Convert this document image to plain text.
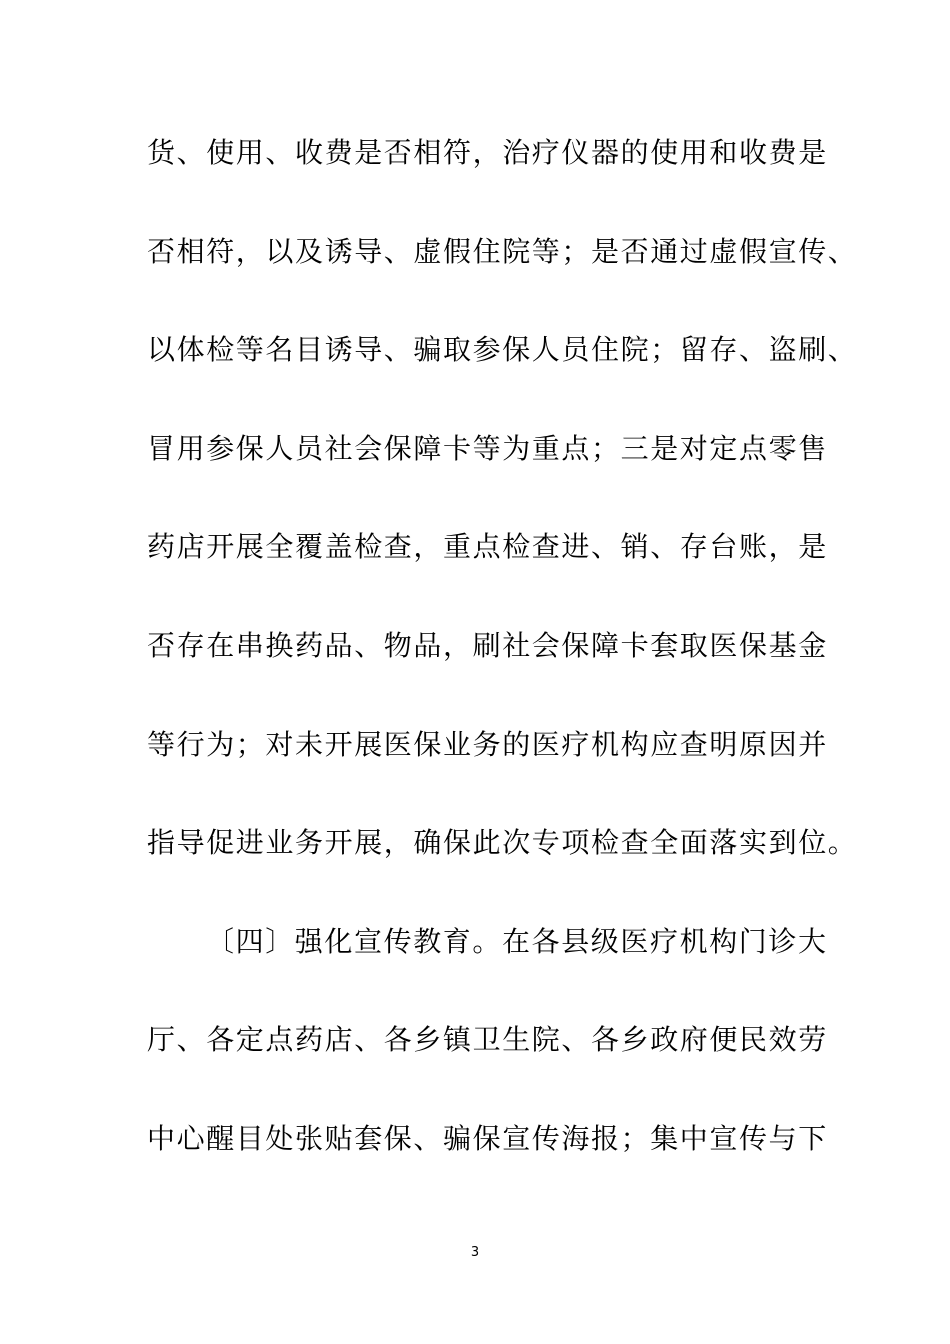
货、使用、收费是否相符，治疗仪器的使用和收费是
否相符，以及诱导、虚假住院等；是否通过虚假宣传、
以体检等名目诱导、骗取参保人员住院；留存、盗刷、
冒用参保人员社会保障卡等为重点；三是对定点零售
药店开展全覆盖检查，重点检查进、销、存台账，是
否存在串换药品、物品，刷社会保障卡套取医保基金
等行为；对未开展医保业务的医疗机构应查明原因并
指导促进业务开展，确保此次专项检查全面落实到位。
〔四〕强化宣传教育。在各县级医疗机构门诊大
厅、各定点药店、各乡镇卫生院、各乡政府便民效劳
中心醒目处张贴套保、骗保宣传海报；集中宣传与下
3
